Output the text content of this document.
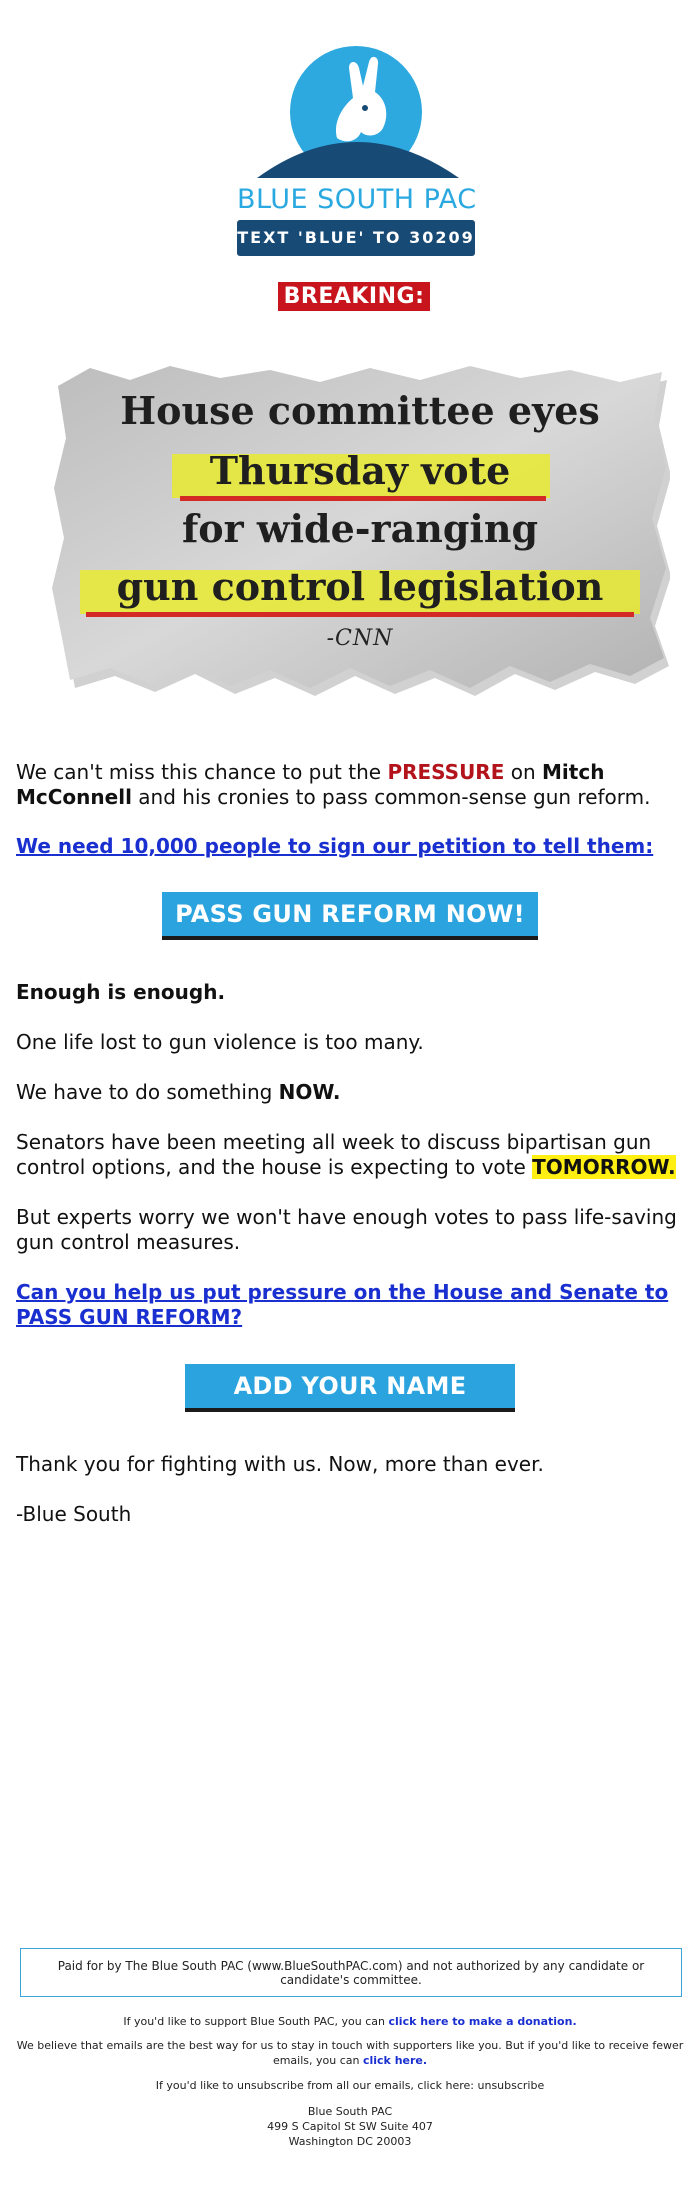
BLUE SOUTH PAC
TEXT 'BLUE' TO 30209
BREAKING:
House committee eyes
Thursday vote
for wide-ranging
gun control legislation
-CNN
We can't miss this chance to put the PRESSURE on Mitch McConnell and his cronies to pass common-sense gun reform.
We need 10,000 people to sign our petition to tell them:
PASS GUN REFORM NOW!
Enough is enough.
One life lost to gun violence is too many.
We have to do something NOW.
Senators have been meeting all week to discuss bipartisan gun control options, and the house is expecting to vote TOMORROW.
But experts worry we won't have enough votes to pass life-saving gun control measures.
Can you help us put pressure on the House and Senate to PASS GUN REFORM?
ADD YOUR NAME
Thank you for fighting with us. Now, more than ever.
-Blue South
Paid for by The Blue South PAC (www.BlueSouthPAC.com) and not authorized by any candidate or candidate's committee.
If you'd like to support Blue South PAC, you can click here to make a donation.
We believe that emails are the best way for us to stay in touch with supporters like you. But if you'd like to receive fewer emails, you can click here.
If you'd like to unsubscribe from all our emails, click here: unsubscribe
Blue South PAC
499 S Capitol St SW Suite 407
Washington DC 20003
